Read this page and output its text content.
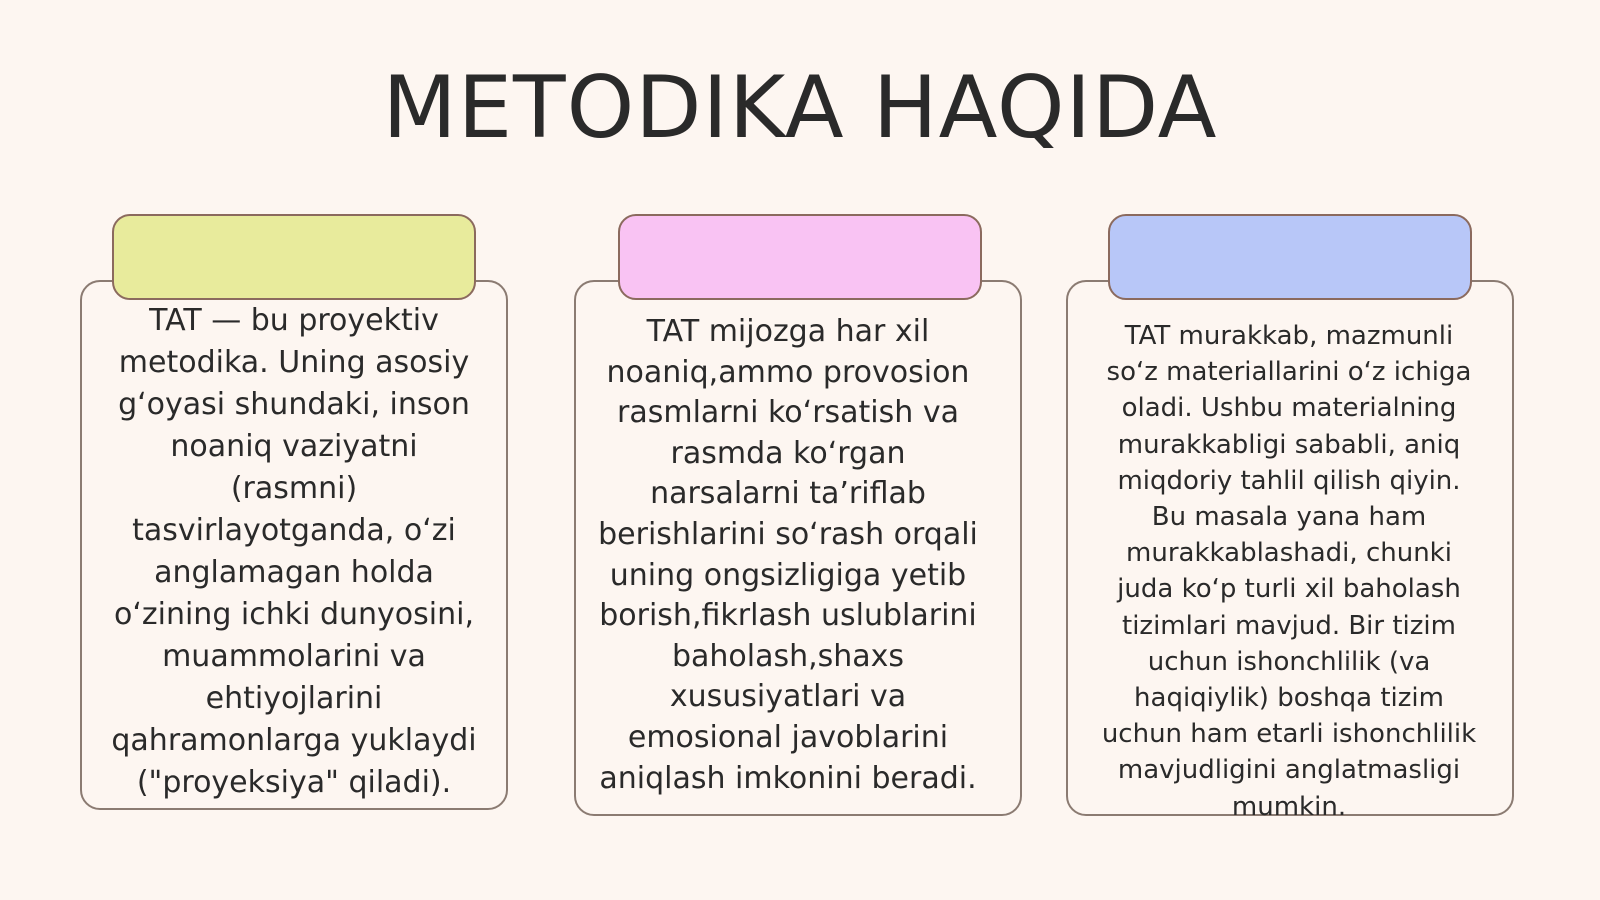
METODIKA HAQIDA

TAT — bu proyektiv metodika. Uning asosiy g‘oyasi shundaki, inson noaniq vaziyatni (rasmni) tasvirlayotganda, o‘zi anglamagan holda o‘zining ichki dunyosini, muammolarini va ehtiyojlarini qahramonlarga yuklaydi ("proyeksiya" qiladi).

TAT mijozga har xil noaniq,ammo provosion rasmlarni ko‘rsatish va rasmda ko‘rgan narsalarni ta’riflab berishlarini so‘rash orqali uning ongsizligiga yetib borish,fikrlash uslublarini baholash,shaxs xususiyatlari va emosional javoblarini aniqlash imkonini beradi.

TAT murakkab, mazmunli so‘z materiallarini o‘z ichiga oladi. Ushbu materialning murakkabligi sababli, aniq miqdoriy tahlil qilish qiyin. Bu masala yana ham murakkablashadi, chunki juda ko‘p turli xil baholash tizimlari mavjud. Bir tizim uchun ishonchlilik (va haqiqiylik) boshqa tizim uchun ham etarli ishonchlilik mavjudligini anglatmasligi mumkin.
